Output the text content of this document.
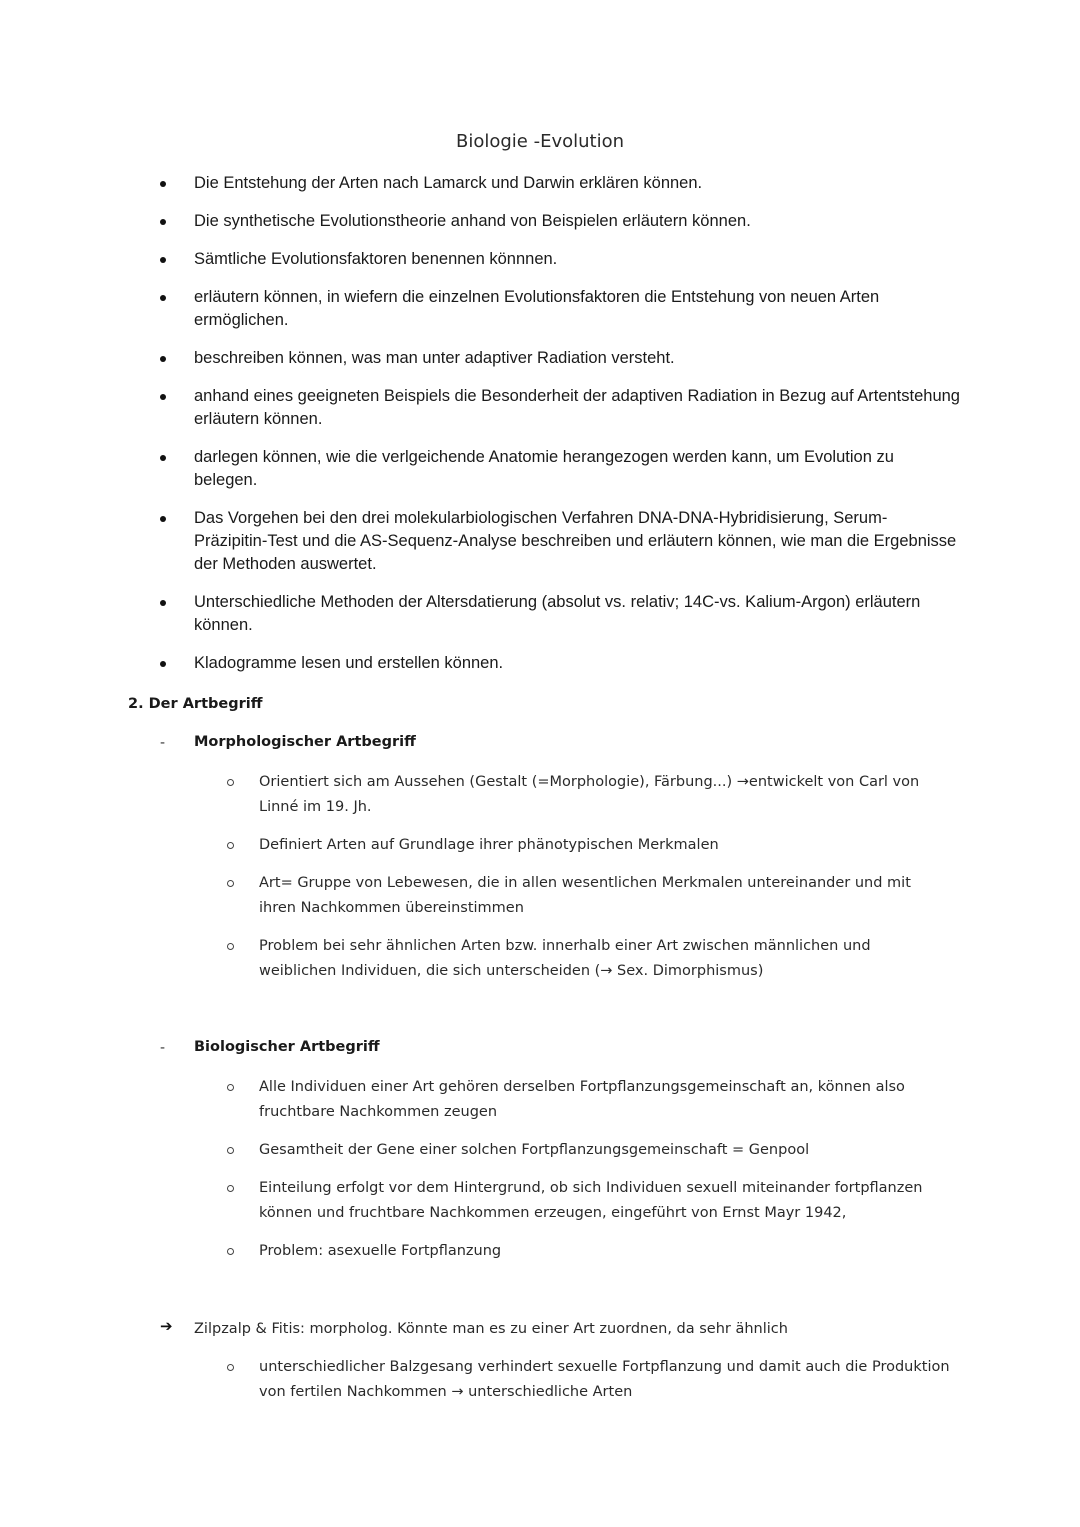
Biologie -Evolution
Die Entstehung der Arten nach Lamarck und Darwin erklären können.
Die synthetische Evolutionstheorie anhand von Beispielen erläutern können.
Sämtliche Evolutionsfaktoren benennen könnnen.
erläutern können, in wiefern die einzelnen Evolutionsfaktoren die Entstehung von neuen Arten ermöglichen.
beschreiben können, was man unter adaptiver Radiation versteht.
anhand eines geeigneten Beispiels die Besonderheit der adaptiven Radiation in Bezug auf Artentstehung erläutern können.
darlegen können, wie die verlgeichende Anatomie herangezogen werden kann, um Evolution zu belegen.
Das Vorgehen bei den drei molekularbiologischen Verfahren DNA-DNA-Hybridisierung, Serum-Präzipitin-Test und die AS-Sequenz-Analyse beschreiben und erläutern können, wie man die Ergebnisse der Methoden auswertet.
Unterschiedliche Methoden der Altersdatierung (absolut vs. relativ; 14C-vs. Kalium-Argon) erläutern können.
Kladogramme lesen und erstellen können.
2. Der Artbegriff
- Morphologischer Artbegriff
Orientiert sich am Aussehen (Gestalt (=Morphologie), Färbung...) →entwickelt von Carl von Linné im 19. Jh.
Definiert Arten auf Grundlage ihrer phänotypischen Merkmalen
Art= Gruppe von Lebewesen, die in allen wesentlichen Merkmalen untereinander und mit ihren Nachkommen übereinstimmen
Problem bei sehr ähnlichen Arten bzw. innerhalb einer Art zwischen männlichen und weiblichen Individuen, die sich unterscheiden (→ Sex. Dimorphismus)
- Biologischer Artbegriff
Alle Individuen einer Art gehören derselben Fortpflanzungsgemeinschaft an, können also fruchtbare Nachkommen zeugen
Gesamtheit der Gene einer solchen Fortpflanzungsgemeinschaft = Genpool
Einteilung erfolgt vor dem Hintergrund, ob sich Individuen sexuell miteinander fortpflanzen können und fruchtbare Nachkommen erzeugen, eingeführt von Ernst Mayr 1942,
Problem: asexuelle Fortpflanzung
➔	Zilpzalp & Fitis: morpholog. Könnte man es zu einer Art zuordnen, da sehr ähnlich
unterschiedlicher Balzgesang verhindert sexuelle Fortpflanzung und damit auch die Produktion von fertilen Nachkommen → unterschiedliche Arten
